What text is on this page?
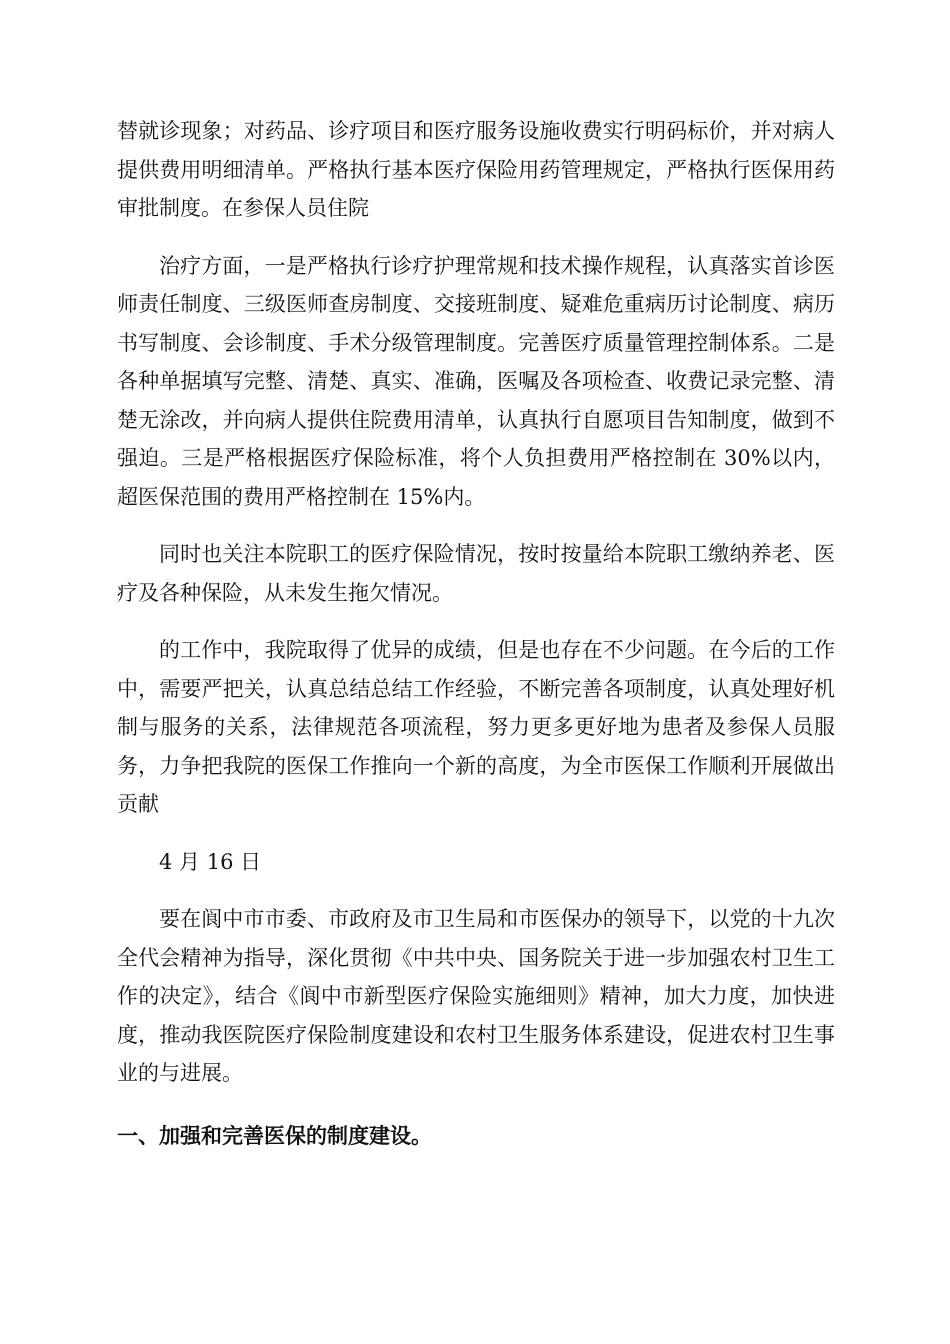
替就诊现象；对药品、诊疗项目和医疗服务设施收费实行明码标价，并对病人提供费用明细清单。严格执行基本医疗保险用药管理规定，严格执行医保用药审批制度。在参保人员住院

治疗方面，一是严格执行诊疗护理常规和技术操作规程，认真落实首诊医师责任制度、三级医师查房制度、交接班制度、疑难危重病历讨论制度、病历书写制度、会诊制度、手术分级管理制度。完善医疗质量管理控制体系。二是各种单据填写完整、清楚、真实、准确，医嘱及各项检查、收费记录完整、清楚无涂改，并向病人提供住院费用清单，认真执行自愿项目告知制度，做到不强迫。三是严格根据医疗保险标准，将个人负担费用严格控制在 30%以内，超医保范围的费用严格控制在 15%内。

同时也关注本院职工的医疗保险情况，按时按量给本院职工缴纳养老、医疗及各种保险，从未发生拖欠情况。

的工作中，我院取得了优异的成绩，但是也存在不少问题。在今后的工作中，需要严把关，认真总结总结工作经验，不断完善各项制度，认真处理好机制与服务的关系，法律规范各项流程，努力更多更好地为患者及参保人员服务，力争把我院的医保工作推向一个新的高度，为全市医保工作顺利开展做出贡献

4 月 16 日

要在阆中市市委、市政府及市卫生局和市医保办的领导下，以党的十九次全代会精神为指导，深化贯彻《中共中央、国务院关于进一步加强农村卫生工作的决定》，结合《阆中市新型医疗保险实施细则》精神，加大力度，加快进度，推动我医院医疗保险制度建设和农村卫生服务体系建设，促进农村卫生事业的与进展。

一、加强和完善医保的制度建设。
